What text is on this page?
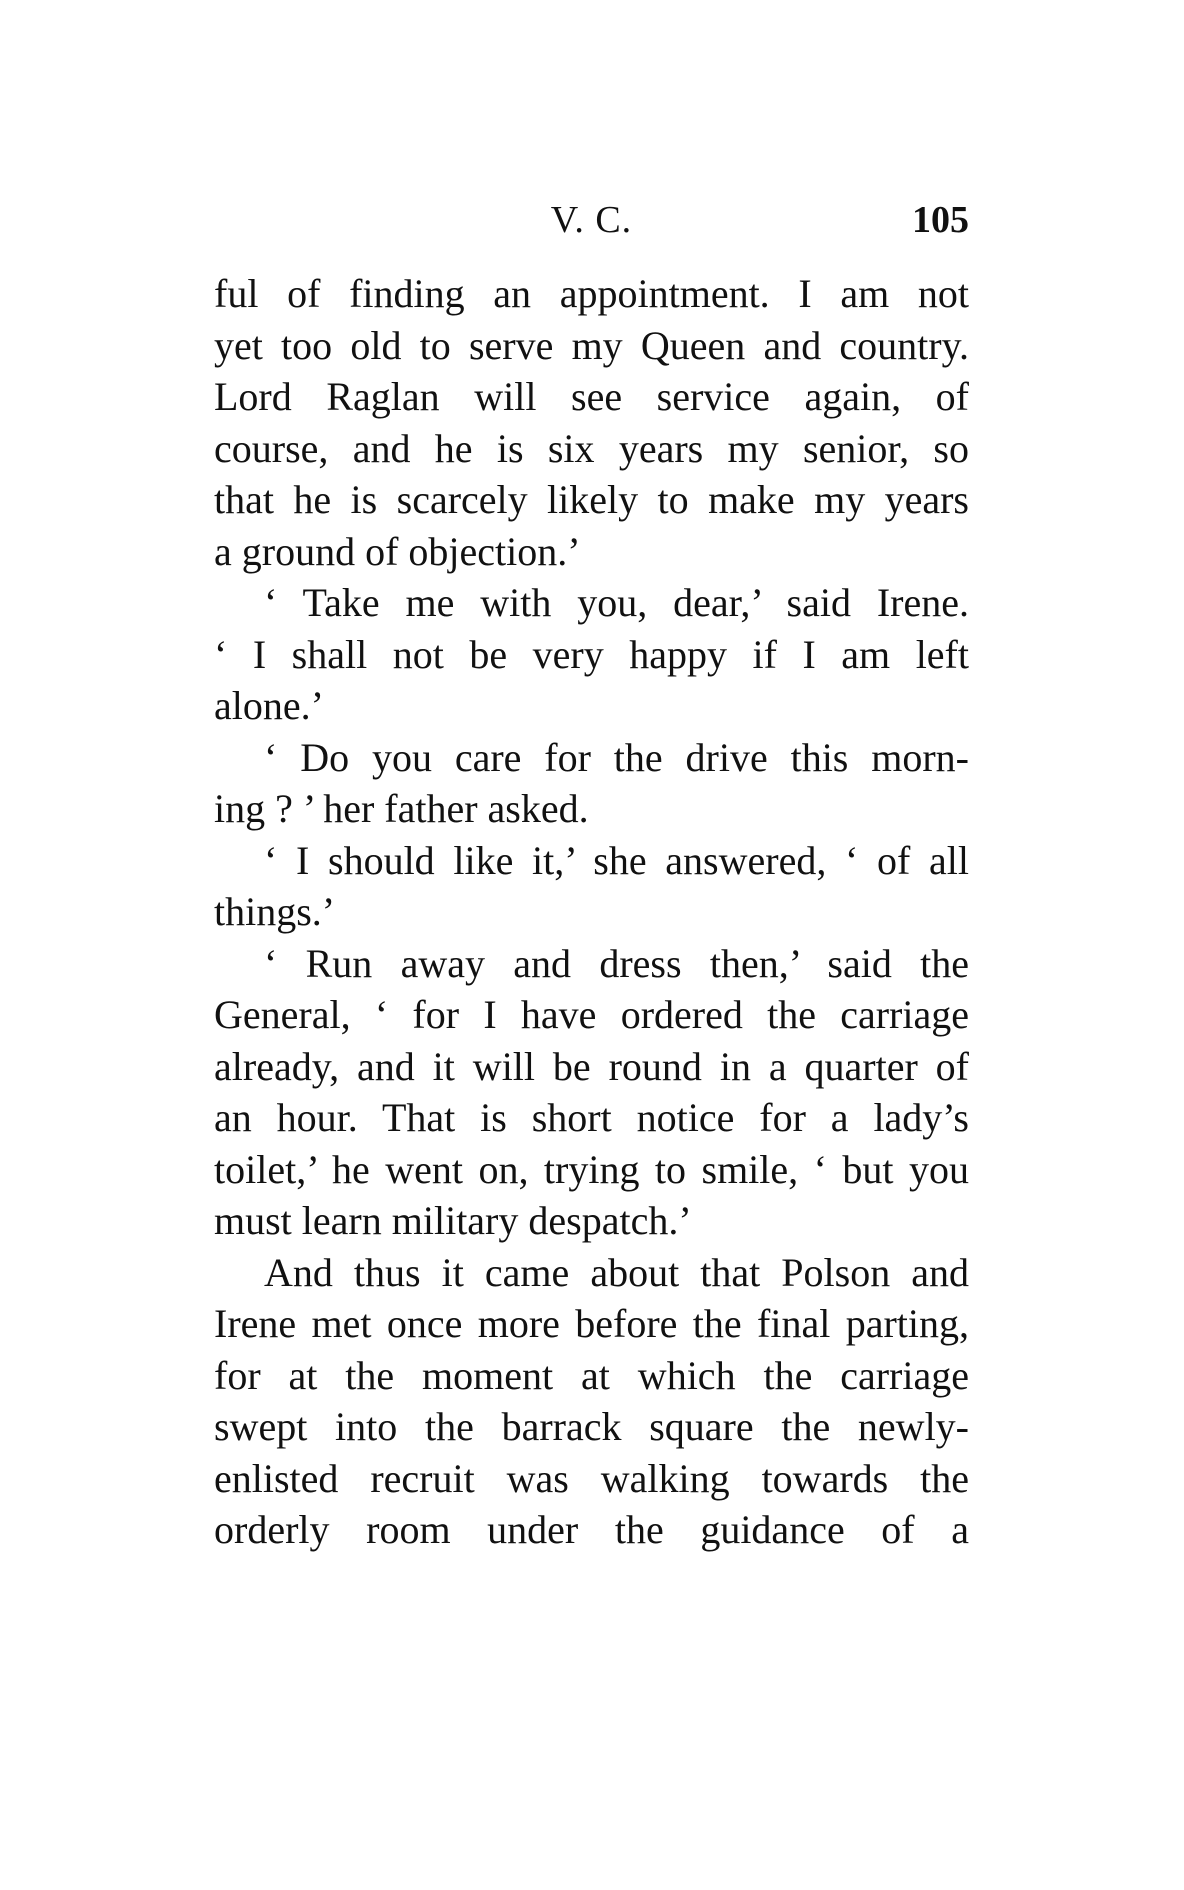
V. C.	105
ful of finding an appointment. I am not
yet too old to serve my Queen and country.
Lord Raglan will see service again, of
course, and he is six years my senior, so
that he is scarcely likely to make my years
a ground of objection.’
‘ Take me with you, dear,’ said Irene.
‘ I shall not be very happy if I am left
alone.’
‘ Do you care for the drive this morn-
ing ? ’ her father asked.
‘ I should like it,’ she answered, ‘ of all
things.’
‘ Run away and dress then,’ said the
General, ‘ for I have ordered the carriage
already, and it will be round in a quarter of
an hour. That is short notice for a lady’s
toilet,’ he went on, trying to smile, ‘ but you
must learn military despatch.’
And thus it came about that Polson and
Irene met once more before the final parting,
for at the moment at which the carriage
swept into the barrack square the newly-
enlisted recruit was walking towards the
orderly room under the guidance of a
